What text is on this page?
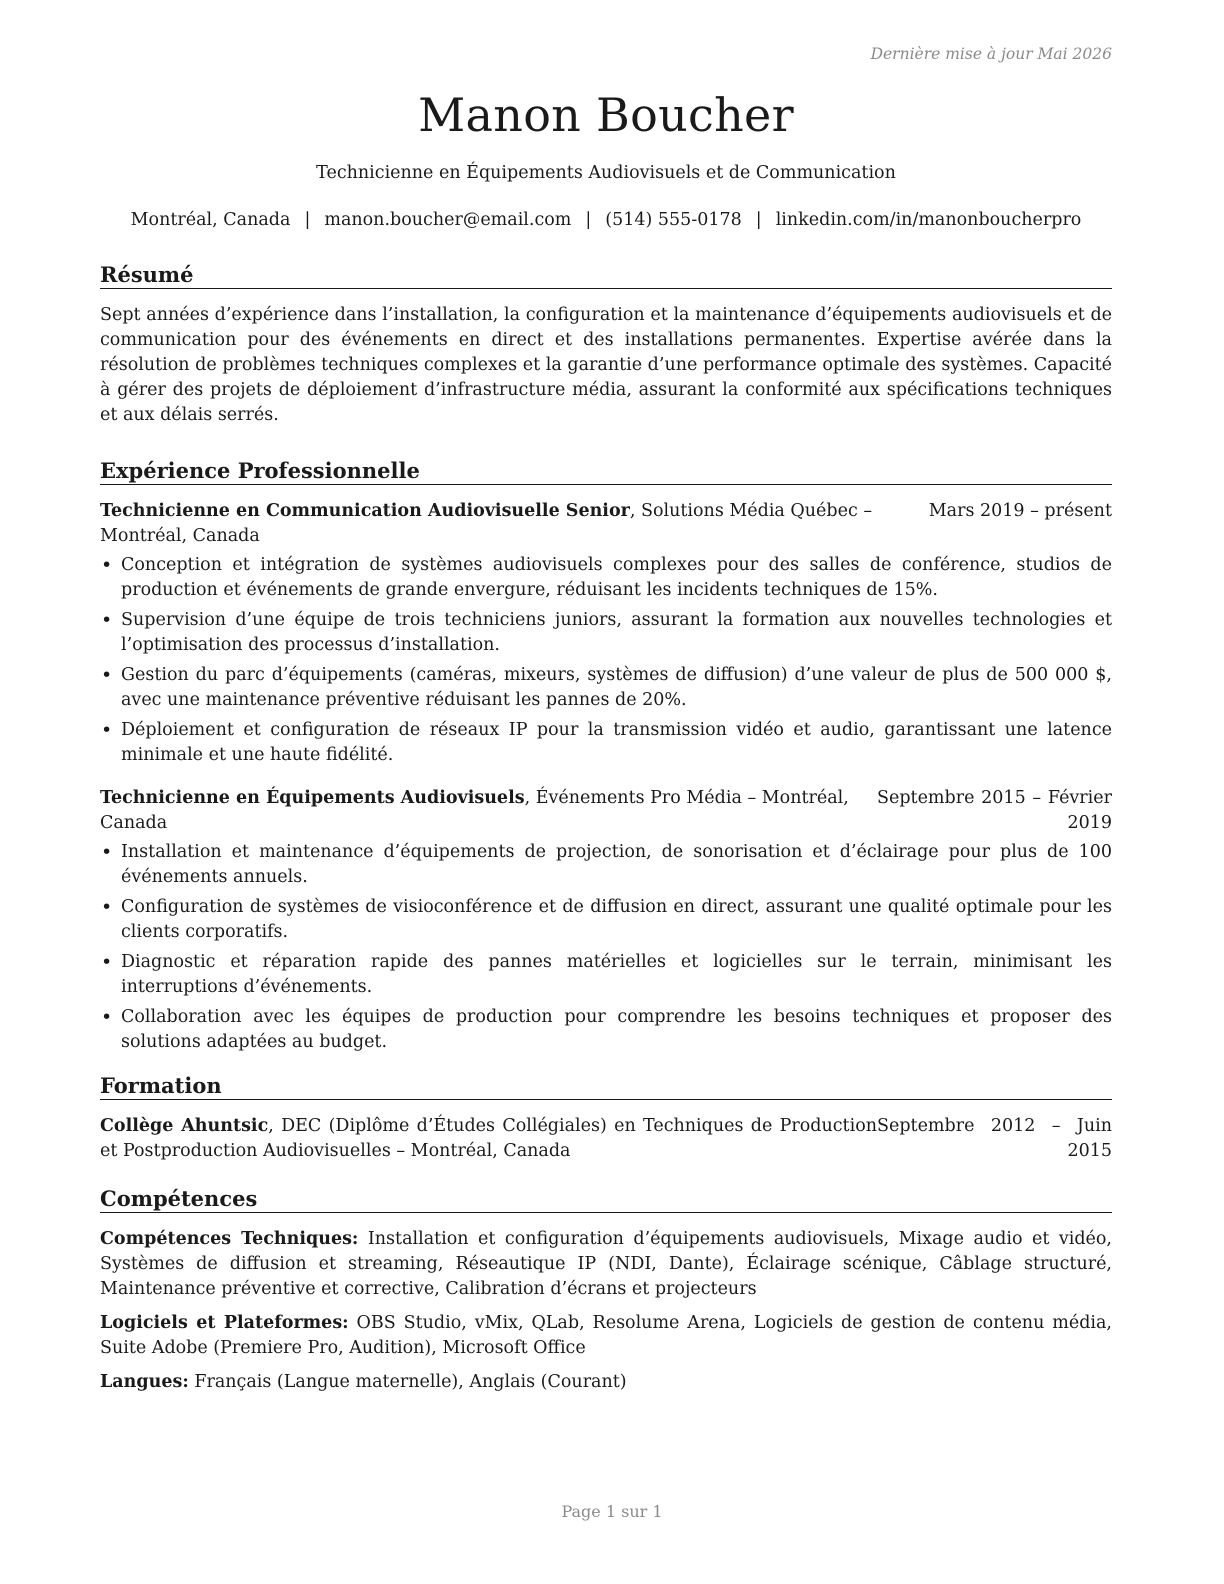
Dernière mise à jour Mai 2026
Manon Boucher
Technicienne en Équipements Audiovisuels et de Communication
Montréal, Canada | manon.boucher@email.com | (514) 555-0178 | linkedin.com/in/manonboucherpro
Résumé

Sept années d’expérience dans l’installation, la configuration et la maintenance d’équipements audiovisuels et de communication pour des événements en direct et des installations permanentes. Expertise avérée dans la résolution de problèmes techniques complexes et la garantie d’une performance optimale des systèmes. Capacité à gérer des projets de déploiement d’infrastructure média, assurant la conformité aux spécifications techniques et aux délais serrés.

Expérience Professionnelle
Technicienne en Communication Audiovisuelle Senior, Solutions Média Québec – Montréal, Canada
Mars 2019 – présent
• Conception et intégration de systèmes audiovisuels complexes pour des salles de conférence, studios de production et événements de grande envergure, réduisant les incidents techniques de 15%.
• Supervision d’une équipe de trois techniciens juniors, assurant la formation aux nouvelles technologies et l’optimisation des processus d’installation.
• Gestion du parc d’équipements (caméras, mixeurs, systèmes de diffusion) d’une valeur de plus de 500 000 $, avec une maintenance préventive réduisant les pannes de 20%.
• Déploiement et configuration de réseaux IP pour la transmission vidéo et audio, garantissant une latence minimale et une haute fidélité.
Technicienne en Équipements Audiovisuels, Événements Pro Média – Montréal, Canada
Septembre 2015 – Février 2019
• Installation et maintenance d’équipements de projection, de sonorisation et d’éclairage pour plus de 100 événements annuels.
• Configuration de systèmes de visioconférence et de diffusion en direct, assurant une qualité optimale pour les clients corporatifs.
• Diagnostic et réparation rapide des pannes matérielles et logicielles sur le terrain, minimisant les interruptions d’événements.
• Collaboration avec les équipes de production pour comprendre les besoins techniques et proposer des solutions adaptées au budget.
Formation
Collège Ahuntsic, DEC (Diplôme d’Études Collégiales) en Techniques de Production et Postproduction Audiovisuelles – Montréal, Canada
Septembre 2012 – Juin 2015
Compétences
Compétences Techniques: Installation et configuration d’équipements audiovisuels, Mixage audio et vidéo, Systèmes de diffusion et streaming, Réseautique IP (NDI, Dante), Éclairage scénique, Câblage structuré, Maintenance préventive et corrective, Calibration d’écrans et projecteurs
Logiciels et Plateformes: OBS Studio, vMix, QLab, Resolume Arena, Logiciels de gestion de contenu média, Suite Adobe (Premiere Pro, Audition), Microsoft Office
Langues: Français (Langue maternelle), Anglais (Courant)
Page 1 sur 1
